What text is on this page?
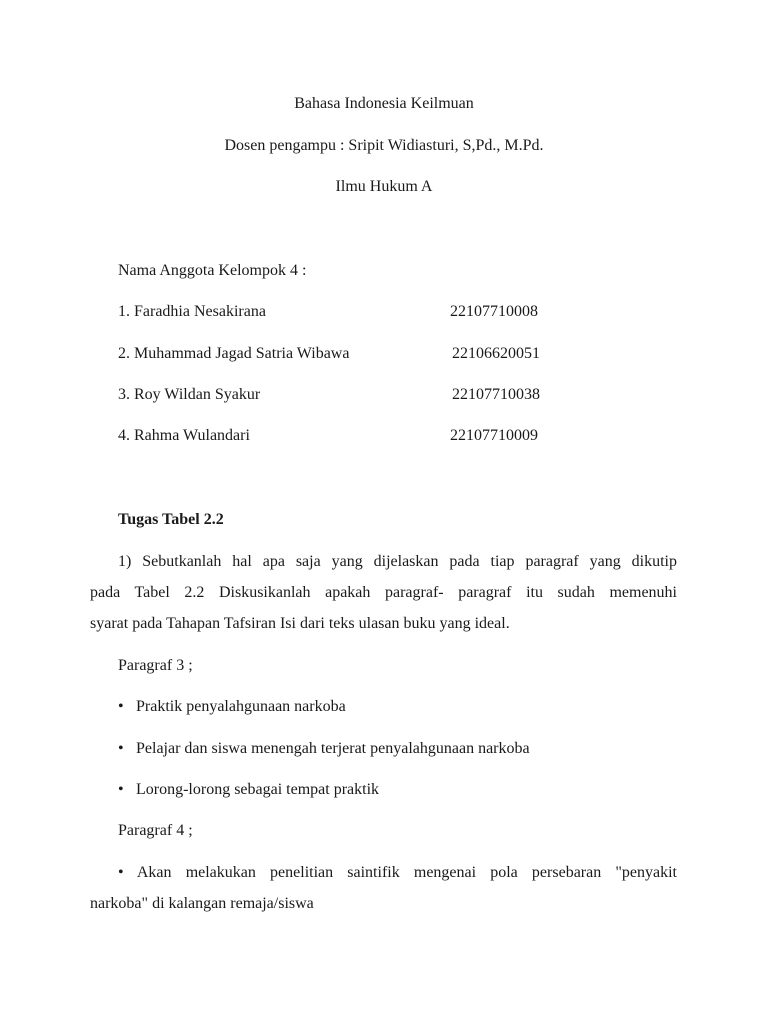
Bahasa Indonesia Keilmuan
Dosen pengampu : Sripit Widiasturi, S,Pd., M.Pd.
Ilmu Hukum A
Nama Anggota Kelompok 4 :
1. Faradhia Nesakirana	22107710008
2. Muhammad Jagad Satria Wibawa	22106620051
3. Roy Wildan Syakur	22107710038
4. Rahma Wulandari	22107710009
Tugas Tabel 2.2
1) Sebutkanlah hal apa saja yang dijelaskan pada tiap paragraf yang dikutip
pada Tabel 2.2 Diskusikanlah apakah paragraf- paragraf itu sudah memenuhi
syarat pada Tahapan Tafsiran Isi dari teks ulasan buku yang ideal.
Paragraf 3 ;
• Praktik penyalahgunaan narkoba
• Pelajar dan siswa menengah terjerat penyalahgunaan narkoba
• Lorong-lorong sebagai tempat praktik
Paragraf 4 ;
• Akan melakukan penelitian saintifik mengenai pola persebaran "penyakit
narkoba" di kalangan remaja/siswa
